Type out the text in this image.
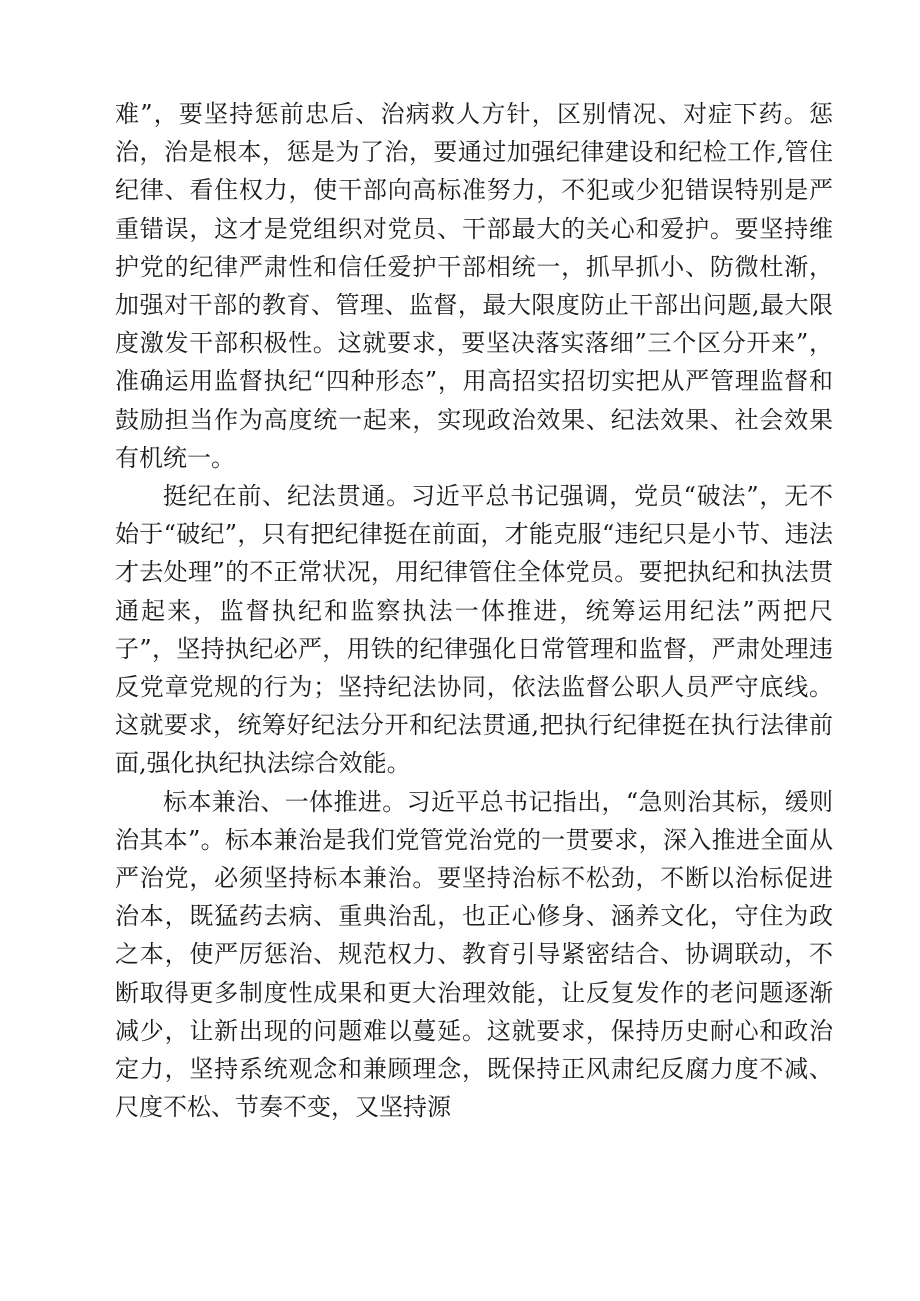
难”，要坚持惩前忠后、治病救人方针，区别情况、对症下药。惩治，治是根本，惩是为了治，要通过加强纪律建设和纪检工作,管住纪律、看住权力，使干部向高标准努力，不犯或少犯错误特别是严重错误，这才是党组织对党员、干部最大的关心和爱护。要坚持维护党的纪律严肃性和信任爱护干部相统一，抓早抓小、防微杜渐，加强对干部的教育、管理、监督，最大限度防止干部出问题,最大限度激发干部积极性。这就要求，要坚决落实落细”三个区分开来”，准确运用监督执纪“四种形态”，用高招实招切实把从严管理监督和鼓励担当作为高度统一起来，实现政治效果、纪法效果、社会效果有机统一。

挺纪在前、纪法贯通。习近平总书记强调，党员“破法”，无不始于“破纪”，只有把纪律挺在前面，才能克服“违纪只是小节、违法才去处理”的不正常状况，用纪律管住全体党员。要把执纪和执法贯通起来，监督执纪和监察执法一体推进，统筹运用纪法”两把尺子”，坚持执纪必严，用铁的纪律强化日常管理和监督，严肃处理违反党章党规的行为；坚持纪法协同，依法监督公职人员严守底线。这就要求，统筹好纪法分开和纪法贯通,把执行纪律挺在执行法律前面,强化执纪执法综合效能。

标本兼治、一体推进。习近平总书记指出，“急则治其标，缓则治其本”。标本兼治是我们党管党治党的一贯要求，深入推进全面从严治党，必须坚持标本兼治。要坚持治标不松劲，不断以治标促进治本，既猛药去病、重典治乱，也正心修身、涵养文化，守住为政之本，使严厉惩治、规范权力、教育引导紧密结合、协调联动，不断取得更多制度性成果和更大治理效能，让反复发作的老问题逐渐减少，让新出现的问题难以蔓延。这就要求，保持历史耐心和政治定力，坚持系统观念和兼顾理念，既保持正风肃纪反腐力度不减、尺度不松、节奏不变，又坚持源
